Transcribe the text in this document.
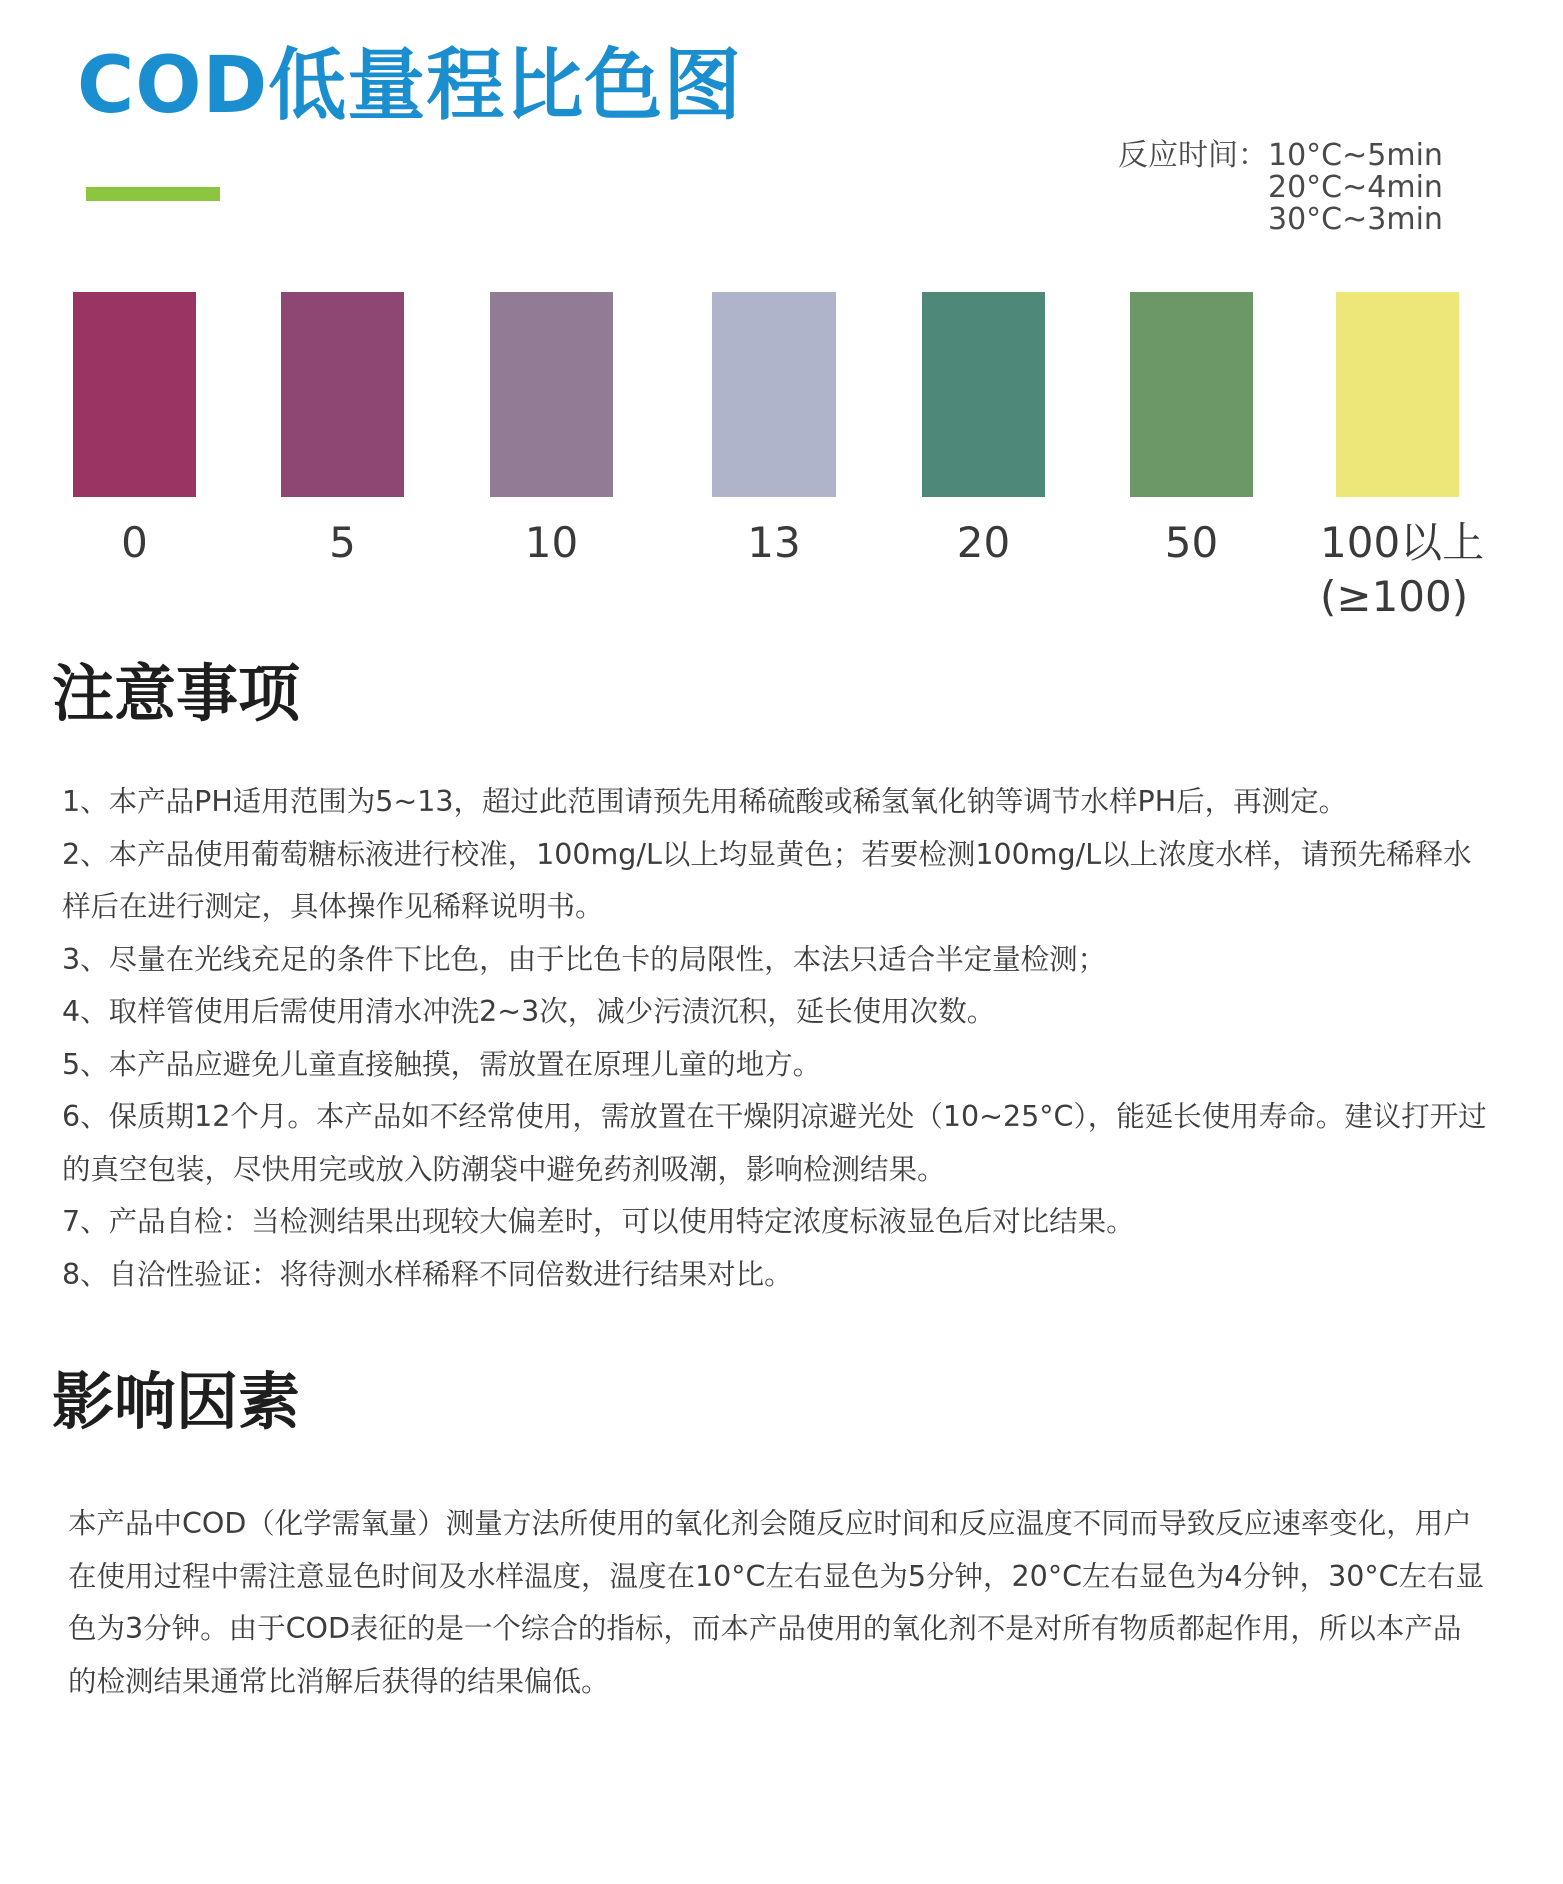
COD低量程比色图
反应时间： 10°C~5min
20°C~4min
30°C~3min
0	5	10	13	20	50	100以上
(≥100)
注意事项
1、本产品PH适用范围为5~13，超过此范围请预先用稀硫酸或稀氢氧化钠等调节水样PH后，再测定。
2、本产品使用葡萄糖标液进行校准，100mg/L以上均显黄色；若要检测100mg/L以上浓度水样，请预先稀释水样后在进行测定，具体操作见稀释说明书。
3、尽量在光线充足的条件下比色，由于比色卡的局限性，本法只适合半定量检测；
4、取样管使用后需使用清水冲洗2~3次，减少污渍沉积，延长使用次数。
5、本产品应避免儿童直接触摸，需放置在原理儿童的地方。
6、保质期12个月。本产品如不经常使用，需放置在干燥阴凉避光处（10~25°C），能延长使用寿命。建议打开过的真空包装，尽快用完或放入防潮袋中避免药剂吸潮，影响检测结果。
7、产品自检：当检测结果出现较大偏差时，可以使用特定浓度标液显色后对比结果。
8、自洽性验证：将待测水样稀释不同倍数进行结果对比。
影响因素

本产品中COD（化学需氧量）测量方法所使用的氧化剂会随反应时间和反应温度不同而导致反应速率变化，用户在使用过程中需注意显色时间及水样温度，温度在10°C左右显色为5分钟，20°C左右显色为4分钟，30°C左右显色为3分钟。由于COD表征的是一个综合的指标，而本产品使用的氧化剂不是对所有物质都起作用，所以本产品的检测结果通常比消解后获得的结果偏低。
